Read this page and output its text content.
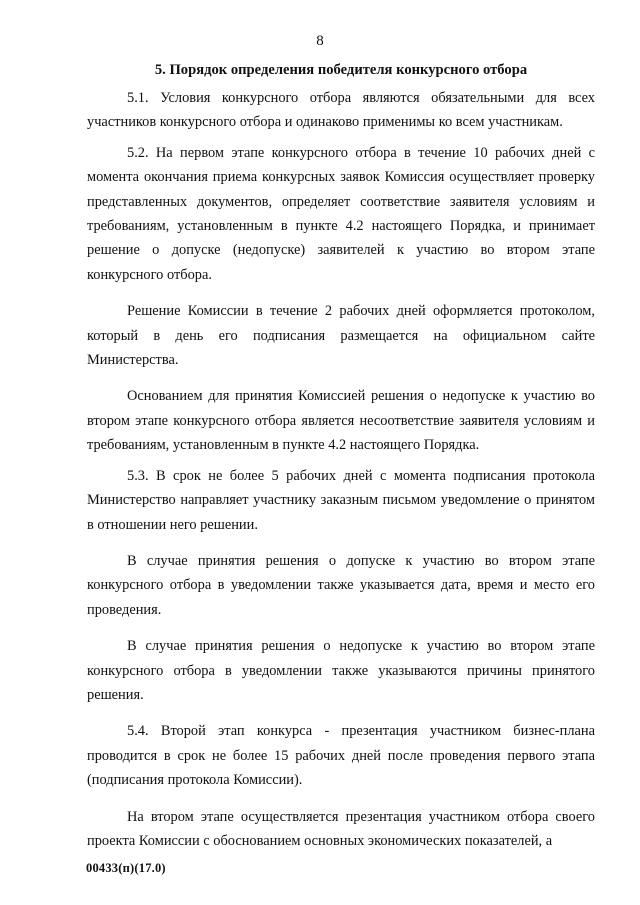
8
5. Порядок определения победителя конкурсного отбора

5.1. Условия конкурсного отбора являются обязательными для всех участников конкурсного отбора и одинаково применимы ко всем участникам.

5.2. На первом этапе конкурсного отбора в течение 10 рабочих дней с момента окончания приема конкурсных заявок Комиссия осуществляет проверку представленных документов, определяет соответствие заявителя условиям и требованиям, установленным в пункте 4.2 настоящего Порядка, и принимает решение о допуске (недопуске) заявителей к участию во втором этапе конкурсного отбора.

Решение Комиссии в течение 2 рабочих дней оформляется протоколом, который в день его подписания размещается на официальном сайте Министерства.

Основанием для принятия Комиссией решения о недопуске к участию во втором этапе конкурсного отбора является несоответствие заявителя условиям и требованиям, установленным в пункте 4.2 настоящего Порядка.

5.3. В срок не более 5 рабочих дней с момента подписания протокола Министерство направляет участнику заказным письмом уведомление о принятом в отношении него решении.

В случае принятия решения о допуске к участию во втором этапе конкурсного отбора в уведомлении также указывается дата, время и место его проведения.

В случае принятия решения о недопуске к участию во втором этапе конкурсного отбора в уведомлении также указываются причины принятого решения.

5.4. Второй этап конкурса - презентация участником бизнес-плана проводится в срок не более 15 рабочих дней после проведения первого этапа (подписания протокола Комиссии).

На втором этапе осуществляется презентация участником отбора своего проекта Комиссии с обоснованием основных экономических показателей, а

00433(п)(17.0)
